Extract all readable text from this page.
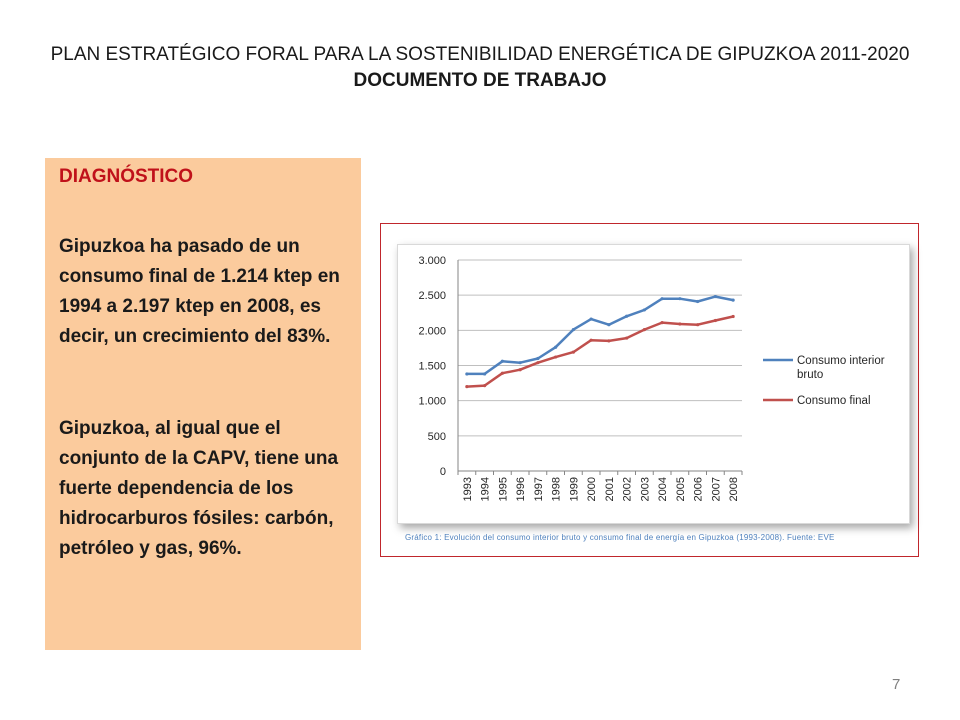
PLAN ESTRATÉGICO FORAL PARA LA SOSTENIBILIDAD ENERGÉTICA DE GIPUZKOA 2011-2020
DOCUMENTO DE TRABAJO
DIAGNÓSTICO
Gipuzkoa ha pasado de un consumo final de 1.214 ktep en 1994 a 2.197 ktep en 2008, es decir, un crecimiento del 83%.
Gipuzkoa, al igual que el conjunto de la CAPV, tiene una fuerte dependencia de los hidrocarburos fósiles: carbón, petróleo y gas, 96%.
0
500
1.000
1.500
2.000
2.500
3.000
1993 1994 1995 1996 1997 1998 1999 2000 2001 2002 2003 2004 2005 2006 2007 2008
Consumo interior
bruto
Consumo final
Gráfico 1: Evolución del consumo interior bruto y consumo final de energía en Gipuzkoa (1993-2008). Fuente: EVE
7
